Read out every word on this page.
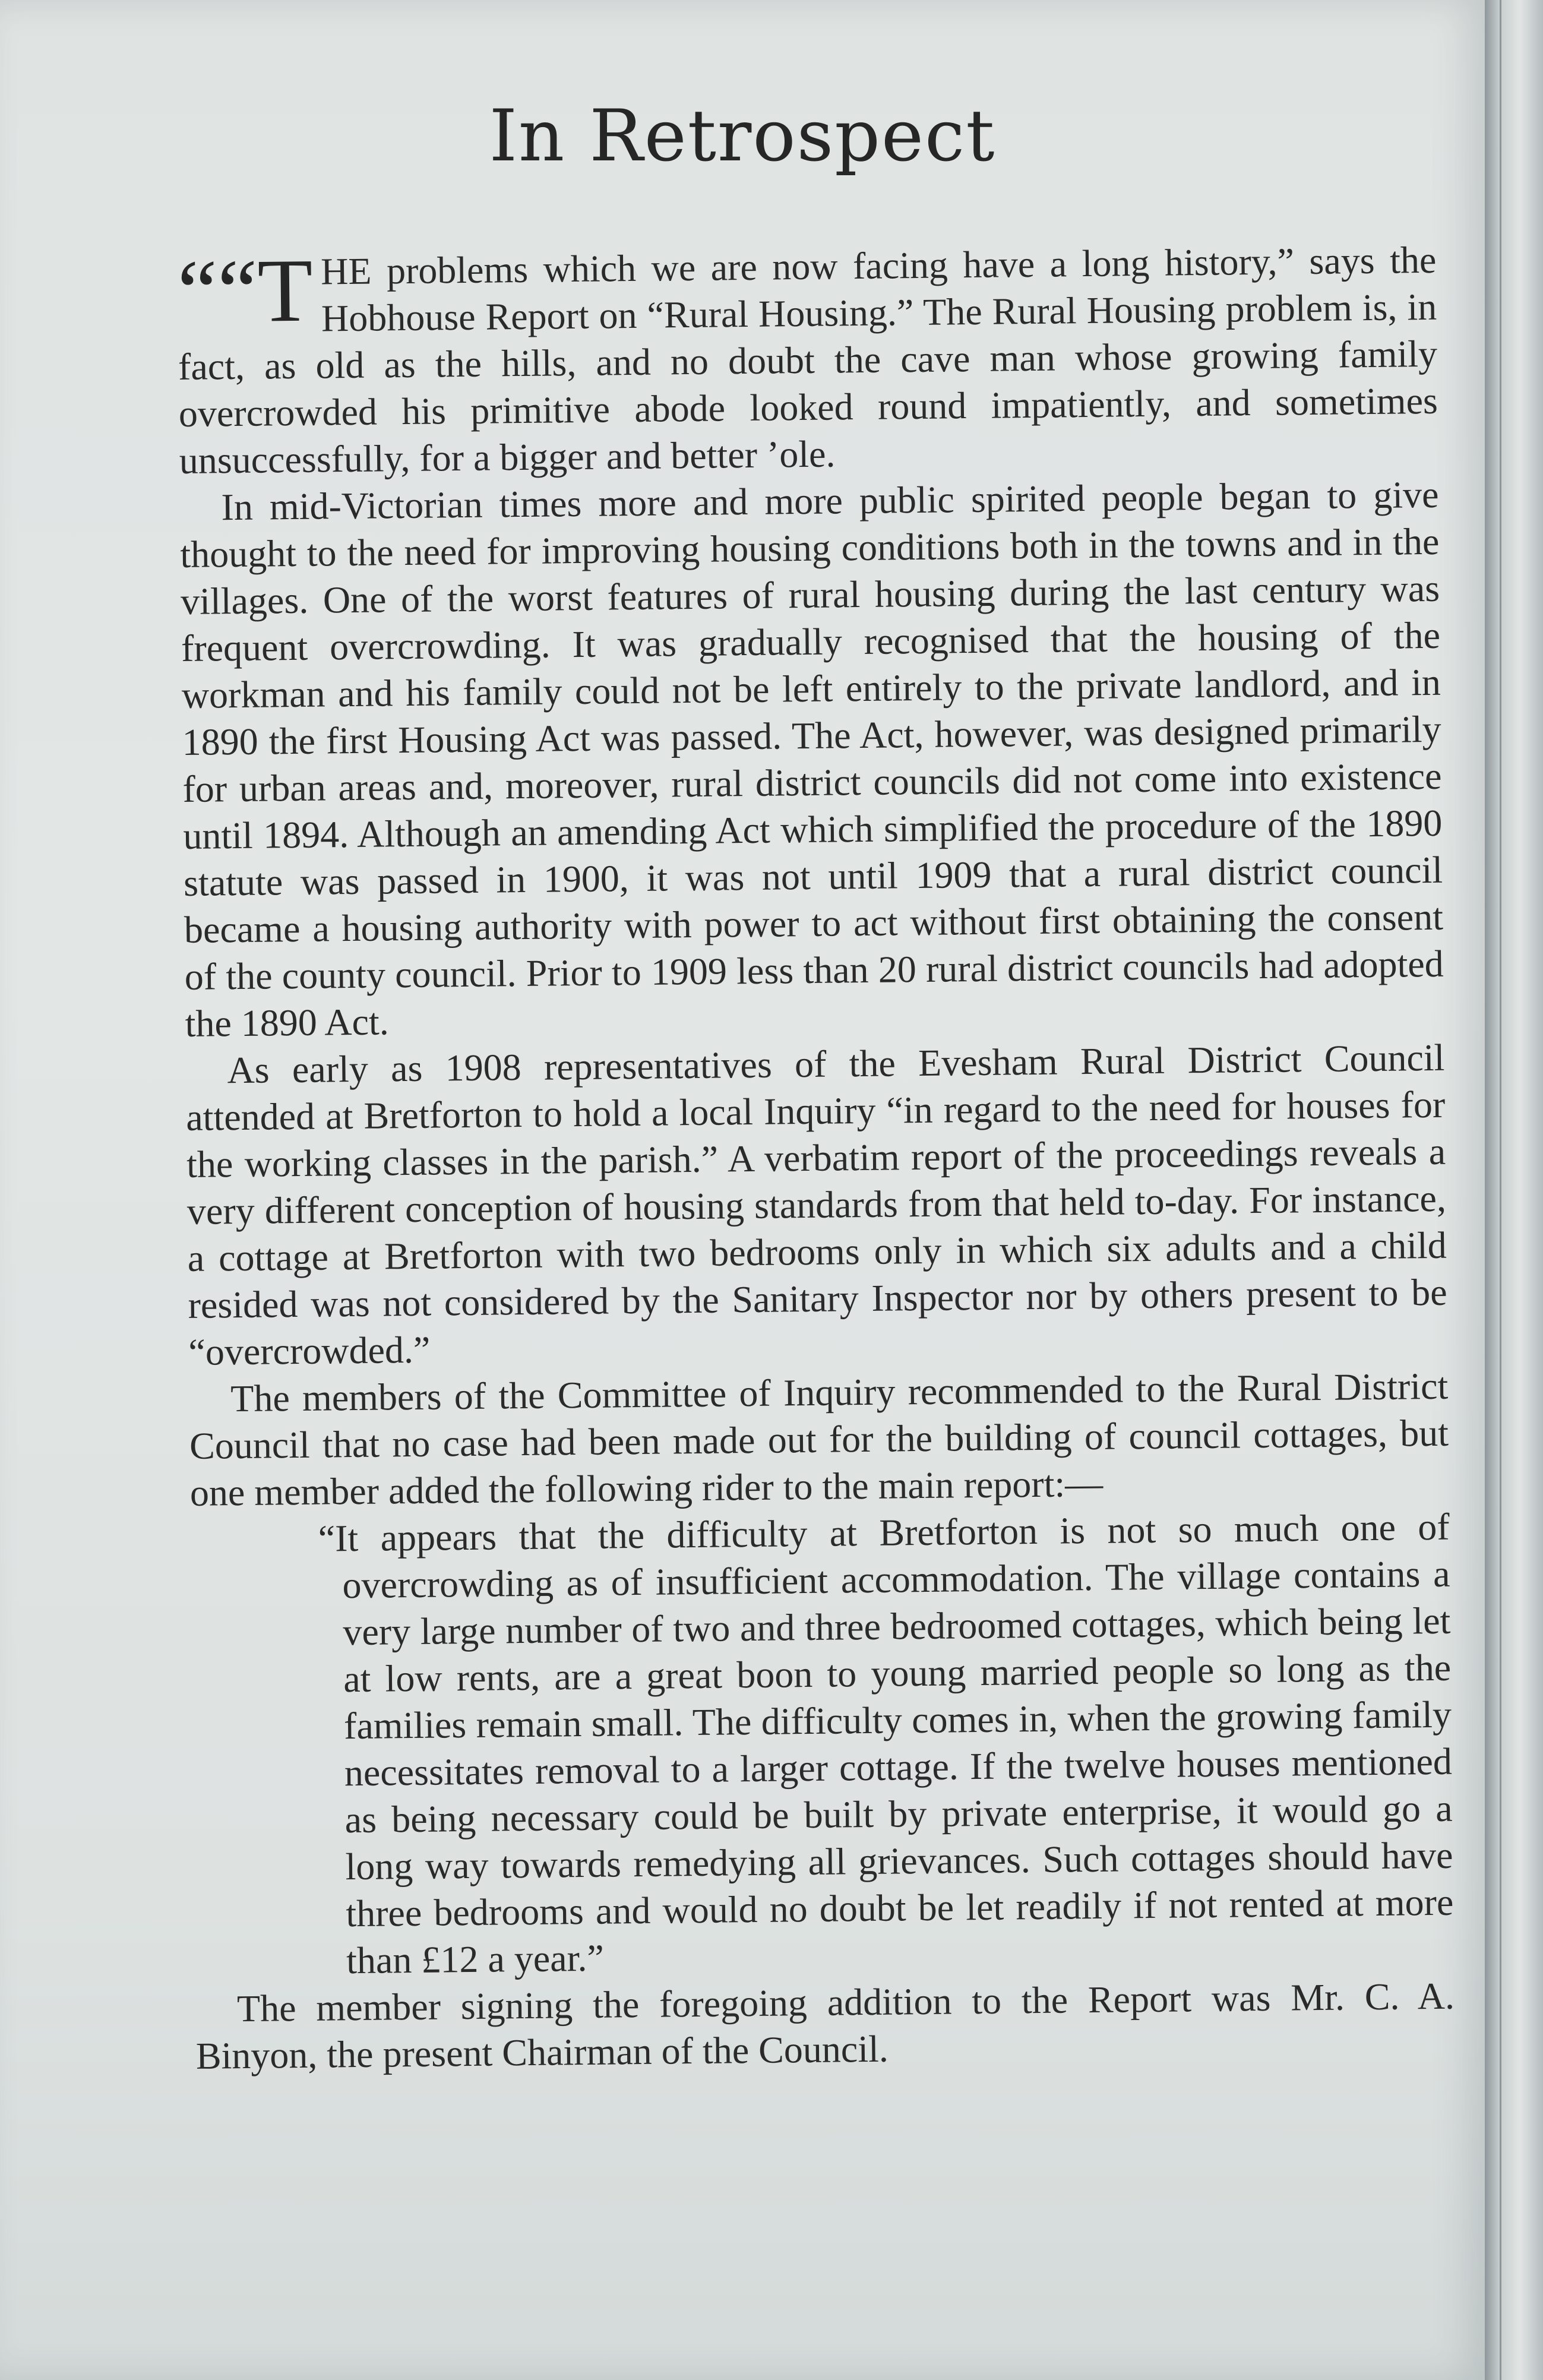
In Retrospect

““T HE problems which we are now facing have a long history,” says the Hobhouse Report on “Rural Housing.” The Rural Housing problem is, in fact, as old as the hills, and no doubt the cave man whose growing family overcrowded his primitive abode looked round impatiently, and sometimes unsuccessfully, for a bigger and better ’ole.

In mid-Victorian times more and more public spirited people began to give thought to the need for improving housing conditions both in the towns and in the villages. One of the worst features of rural housing during the last century was frequent overcrowding. It was gradually recognised that the housing of the workman and his family could not be left entirely to the private landlord, and in 1890 the first Housing Act was passed. The Act, however, was designed primarily for urban areas and, moreover, rural district councils did not come into existence until 1894. Although an amending Act which simplified the procedure of the 1890 statute was passed in 1900, it was not until 1909 that a rural district council became a housing authority with power to act without first obtaining the consent of the county council. Prior to 1909 less than 20 rural district councils had adopted the 1890 Act.

As early as 1908 representatives of the Evesham Rural District Council attended at Bretforton to hold a local Inquiry “in regard to the need for houses for the working classes in the parish.” A verbatim report of the proceedings reveals a very different conception of housing standards from that held to-day. For instance, a cottage at Bretforton with two bedrooms only in which six adults and a child resided was not considered by the Sanitary Inspector nor by others present to be “overcrowded.”

The members of the Committee of Inquiry recommended to the Rural District Council that no case had been made out for the building of council cottages, but one member added the following rider to the main report:—

“It appears that the difficulty at Bretforton is not so much one of overcrowding as of insufficient accommodation. The village contains a very large number of two and three bedroomed cottages, which being let at low rents, are a great boon to young married people so long as the families remain small. The difficulty comes in, when the growing family necessitates removal to a larger cottage. If the twelve houses mentioned as being necessary could be built by private enterprise, it would go a long way towards remedying all grievances. Such cottages should have three bedrooms and would no doubt be let readily if not rented at more than £12 a year.”

The member signing the foregoing addition to the Report was Mr. C. A. Binyon, the present Chairman of the Council.
